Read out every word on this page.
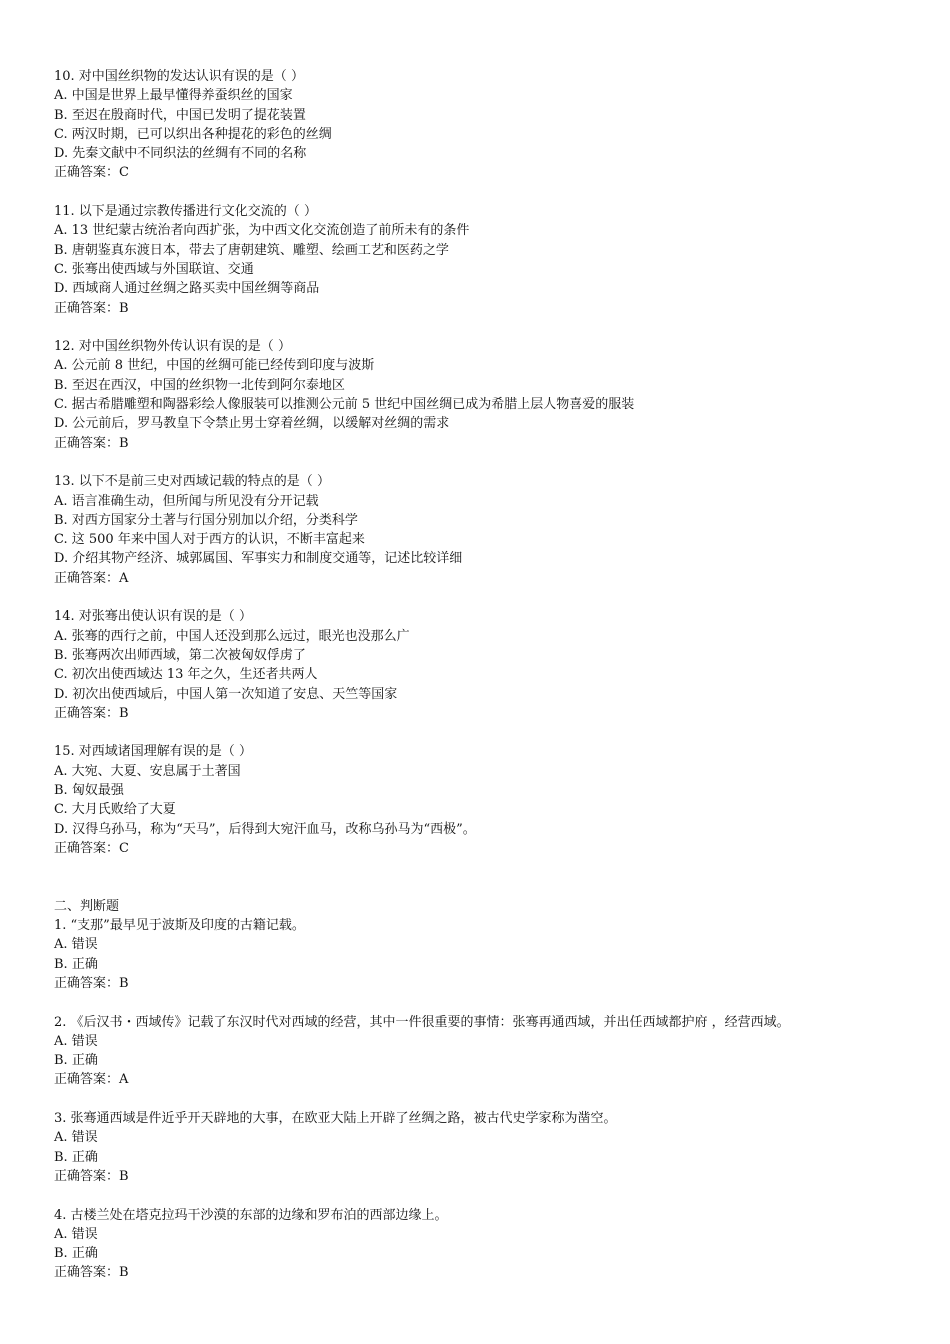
10. 对中国丝织物的发达认识有误的是（ ）
A. 中国是世界上最早懂得养蚕织丝的国家
B. 至迟在殷商时代，中国已发明了提花装置
C. 两汉时期，已可以织出各种提花的彩色的丝绸
D. 先秦文献中不同织法的丝绸有不同的名称
正确答案：C
11. 以下是通过宗教传播进行文化交流的（ ）
A. 13 世纪蒙古统治者向西扩张，为中西文化交流创造了前所未有的条件
B. 唐朝鉴真东渡日本，带去了唐朝建筑、雕塑、绘画工艺和医药之学
C. 张骞出使西域与外国联谊、交通
D. 西域商人通过丝绸之路买卖中国丝绸等商品
正确答案：B
12. 对中国丝织物外传认识有误的是（ ）
A. 公元前 8 世纪，中国的丝绸可能已经传到印度与波斯
B. 至迟在西汉，中国的丝织物一北传到阿尔泰地区
C. 据古希腊雕塑和陶器彩绘人像服装可以推测公元前 5 世纪中国丝绸已成为希腊上层人物喜爱的服装
D. 公元前后，罗马教皇下令禁止男士穿着丝绸，以缓解对丝绸的需求
正确答案：B
13. 以下不是前三史对西域记载的特点的是（ ）
A. 语言准确生动，但所闻与所见没有分开记载
B. 对西方国家分土著与行国分别加以介绍，分类科学
C. 这 500 年来中国人对于西方的认识，不断丰富起来
D. 介绍其物产经济、城郭属国、军事实力和制度交通等，记述比较详细
正确答案：A
14. 对张骞出使认识有误的是（ ）
A. 张骞的西行之前，中国人还没到那么远过，眼光也没那么广
B. 张骞两次出师西域，第二次被匈奴俘虏了
C. 初次出使西域达 13 年之久，生还者共两人
D. 初次出使西域后，中国人第一次知道了安息、天竺等国家
正确答案：B
15. 对西域诸国理解有误的是（ ）
A. 大宛、大夏、安息属于土著国
B. 匈奴最强
C. 大月氏败给了大夏
D. 汉得乌孙马，称为“天马”，后得到大宛汗血马，改称乌孙马为“西极”。
正确答案：C
二、判断题
1. “支那”最早见于波斯及印度的古籍记载。
A. 错误
B. 正确
正确答案：B
2. 《后汉书・西域传》记载了东汉时代对西域的经营，其中一件很重要的事情：张骞再通西域，并出任西域都护府 ，经营西域。
A. 错误
B. 正确
正确答案：A
3. 张骞通西域是件近乎开天辟地的大事，在欧亚大陆上开辟了丝绸之路，被古代史学家称为凿空。
A. 错误
B. 正确
正确答案：B
4. 古楼兰处在塔克拉玛干沙漠的东部的边缘和罗布泊的西部边缘上。
A. 错误
B. 正确
正确答案：B
